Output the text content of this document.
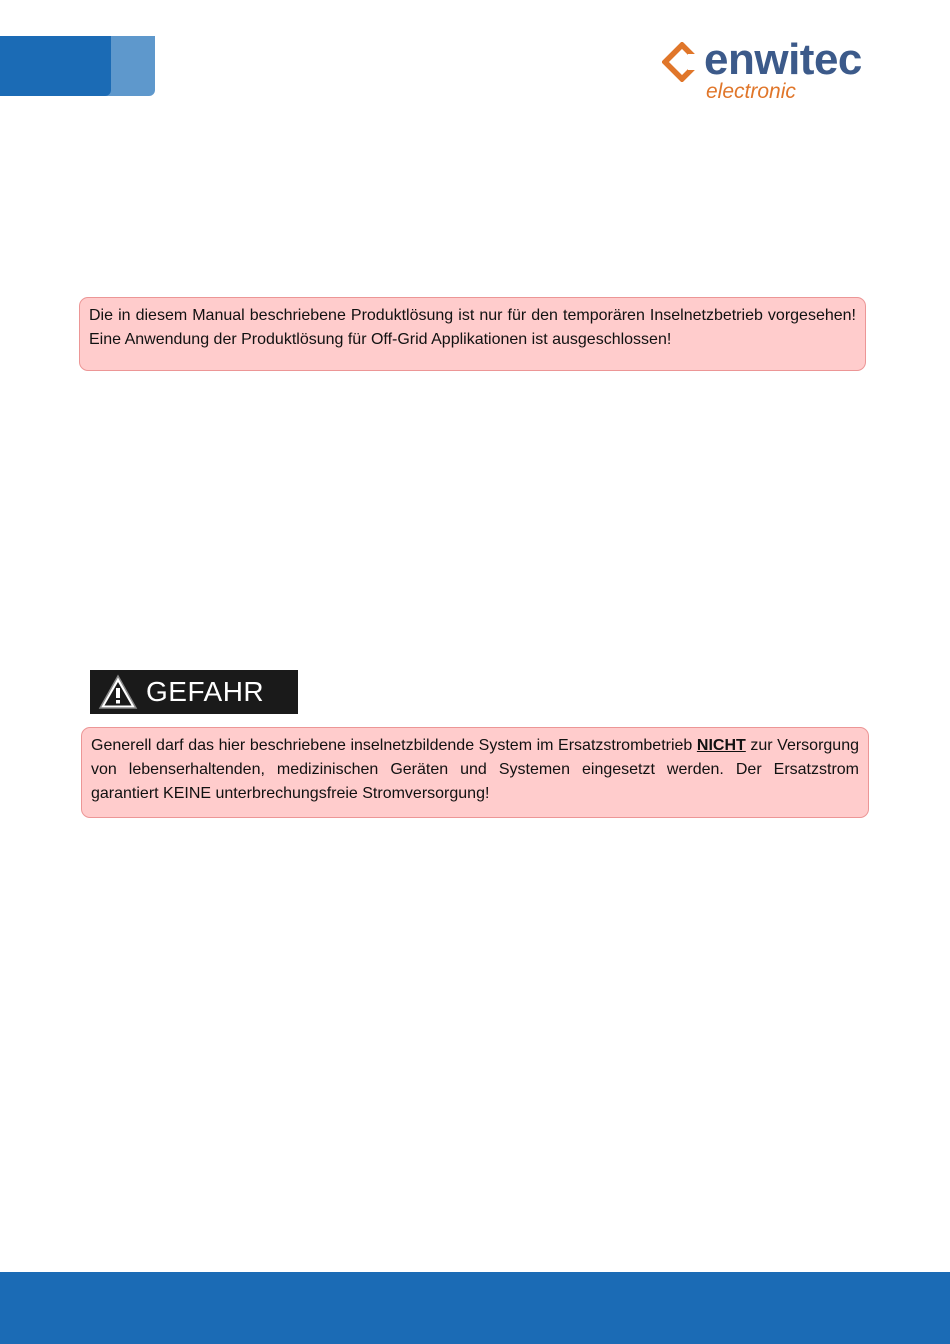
enwitec
electronic
Die in diesem Manual beschriebene Produktlösung ist nur für den temporären Inselnetzbetrieb vorgesehen! Eine Anwendung der Produktlösung für Off-Grid Applikationen ist ausgeschlossen!
GEFAHR
Generell darf das hier beschriebene inselnetzbildende System im Ersatzstrombetrieb NICHT zur Versorgung von lebenserhaltenden, medizinischen Geräten und Systemen eingesetzt werden. Der Ersatzstrom garantiert KEINE unterbrechungsfreie Stromversorgung!
